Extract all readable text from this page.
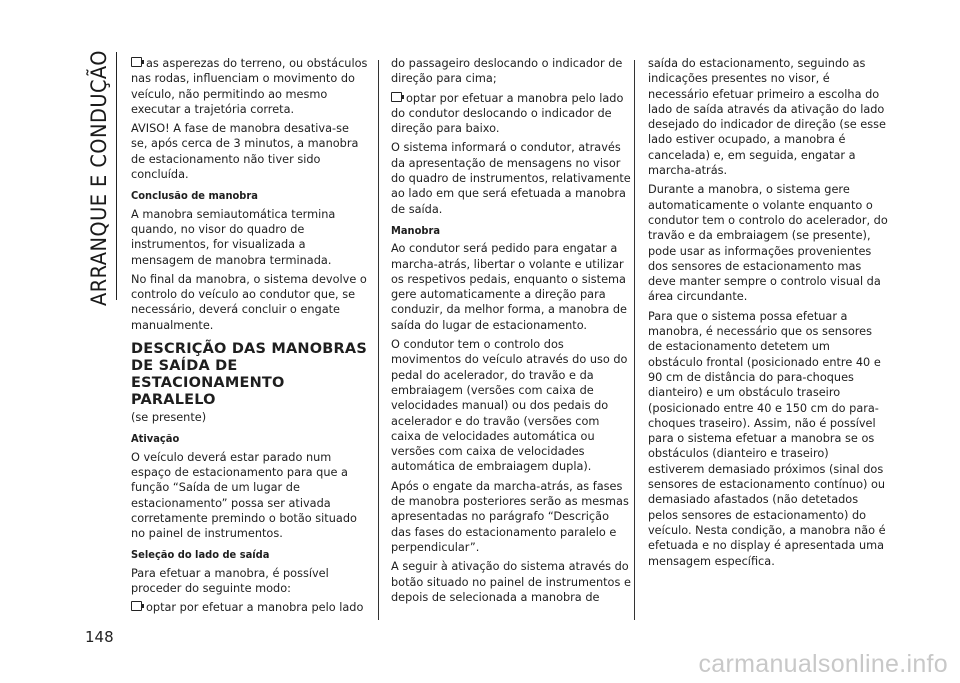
ARRANQUE E CONDUÇÃO	as asperezas do terreno, ou obstáculos nas rodas, influenciam o movimento do veículo, não permitindo ao mesmo executar a trajetória correta.

AVISO! A fase de manobra desativa-se se, após cerca de 3 minutos, a manobra de estacionamento não tiver sido concluída.

Conclusão de manobra

A manobra semiautomática termina quando, no visor do quadro de instrumentos, for visualizada a mensagem de manobra terminada.

No final da manobra, o sistema devolve o controlo do veículo ao condutor que, se necessário, deverá concluir o engate manualmente.

DESCRIÇÃO DAS MANOBRAS DE SAÍDA DE ESTACIONAMENTO PARALELO

(se presente)

Ativação

O veículo deverá estar parado num espaço de estacionamento para que a função “Saída de um lugar de estacionamento” possa ser ativada corretamente premindo o botão situado no painel de instrumentos.

Seleção do lado de saída

Para efetuar a manobra, é possível proceder do seguinte modo:

optar por efetuar a manobra pelo lado

do passageiro deslocando o indicador de direção para cima;

optar por efetuar a manobra pelo lado do condutor deslocando o indicador de direção para baixo.

O sistema informará o condutor, através da apresentação de mensagens no visor do quadro de instrumentos, relativamente ao lado em que será efetuada a manobra de saída.

Manobra

Ao condutor será pedido para engatar a marcha-atrás, libertar o volante e utilizar os respetivos pedais, enquanto o sistema gere automaticamente a direção para conduzir, da melhor forma, a manobra de saída do lugar de estacionamento.

O condutor tem o controlo dos movimentos do veículo através do uso do pedal do acelerador, do travão e da embraiagem (versões com caixa de velocidades manual) ou dos pedais do acelerador e do travão (versões com caixa de velocidades automática ou versões com caixa de velocidades automática de embraiagem dupla).

Após o engate da marcha-atrás, as fases de manobra posteriores serão as mesmas apresentadas no parágrafo “Descrição das fases do estacionamento paralelo e perpendicular”.

A seguir à ativação do sistema através do botão situado no painel de instrumentos e depois de selecionada a manobra de

saída do estacionamento, seguindo as indicações presentes no visor, é necessário efetuar primeiro a escolha do lado de saída através da ativação do lado desejado do indicador de direção (se esse lado estiver ocupado, a manobra é cancelada) e, em seguida, engatar a marcha-atrás.

Durante a manobra, o sistema gere automaticamente o volante enquanto o condutor tem o controlo do acelerador, do travão e da embraiagem (se presente), pode usar as informações provenientes dos sensores de estacionamento mas deve manter sempre o controlo visual da área circundante.

Para que o sistema possa efetuar a manobra, é necessário que os sensores de estacionamento detetem um obstáculo frontal (posicionado entre 40 e 90 cm de distância do para-choques dianteiro) e um obstáculo traseiro (posicionado entre 40 e 150 cm do para-choques traseiro). Assim, não é possível para o sistema efetuar a manobra se os obstáculos (dianteiro e traseiro) estiverem demasiado próximos (sinal dos sensores de estacionamento contínuo) ou demasiado afastados (não detetados pelos sensores de estacionamento) do veículo. Nesta condição, a manobra não é efetuada e no display é apresentada uma mensagem específica.

148
carmanualsonline.info
